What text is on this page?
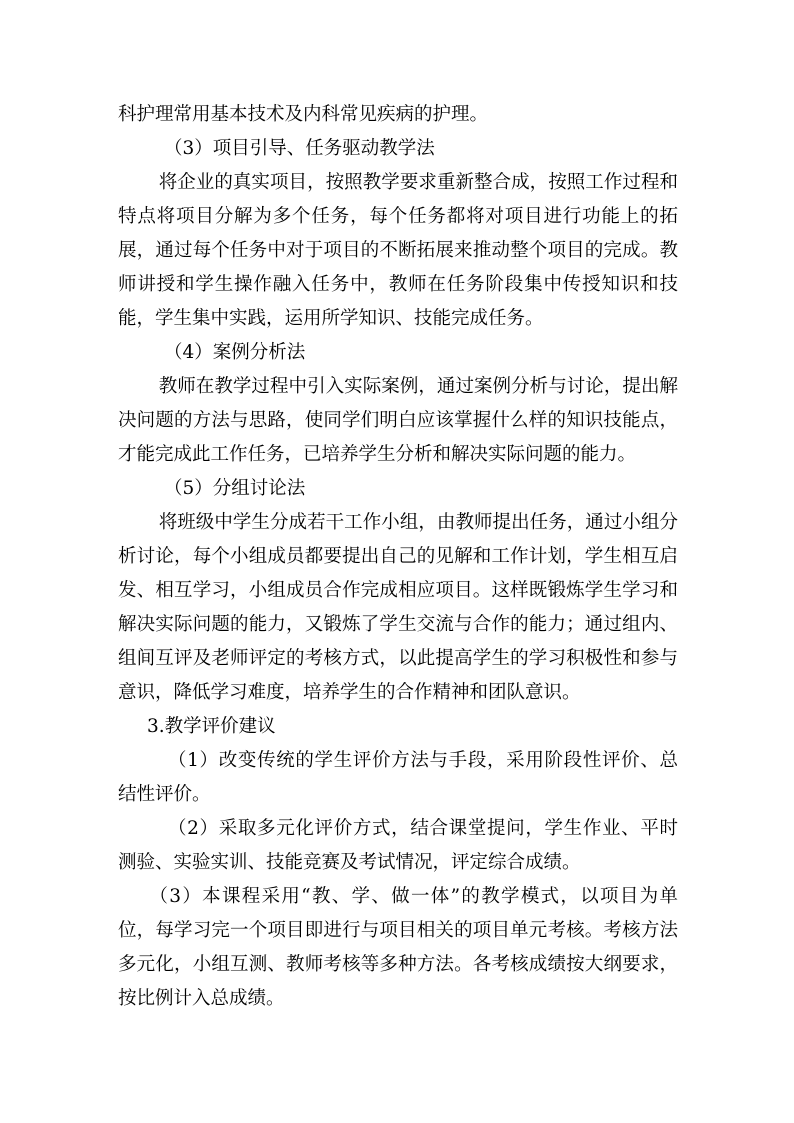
科护理常用基本技术及内科常见疾病的护理。

（3）项目引导、任务驱动教学法

将企业的真实项目，按照教学要求重新整合成，按照工作过程和特点将项目分解为多个任务，每个任务都将对项目进行功能上的拓展，通过每个任务中对于项目的不断拓展来推动整个项目的完成。教师讲授和学生操作融入任务中，教师在任务阶段集中传授知识和技能，学生集中实践，运用所学知识、技能完成任务。

（4）案例分析法

教师在教学过程中引入实际案例，通过案例分析与讨论，提出解决问题的方法与思路，使同学们明白应该掌握什么样的知识技能点，才能完成此工作任务，已培养学生分析和解决实际问题的能力。

（5）分组讨论法

将班级中学生分成若干工作小组，由教师提出任务，通过小组分析讨论，每个小组成员都要提出自己的见解和工作计划，学生相互启发、相互学习，小组成员合作完成相应项目。这样既锻炼学生学习和解决实际问题的能力，又锻炼了学生交流与合作的能力；通过组内、组间互评及老师评定的考核方式，以此提高学生的学习积极性和参与意识，降低学习难度，培养学生的合作精神和团队意识。

3.教学评价建议

（1）改变传统的学生评价方法与手段，采用阶段性评价、总结性评价。

（2）采取多元化评价方式，结合课堂提问，学生作业、平时测验、实验实训、技能竞赛及考试情况，评定综合成绩。

（3）本课程采用“教、学、做一体”的教学模式，以项目为单位，每学习完一个项目即进行与项目相关的项目单元考核。考核方法多元化，小组互测、教师考核等多种方法。各考核成绩按大纲要求，按比例计入总成绩。
